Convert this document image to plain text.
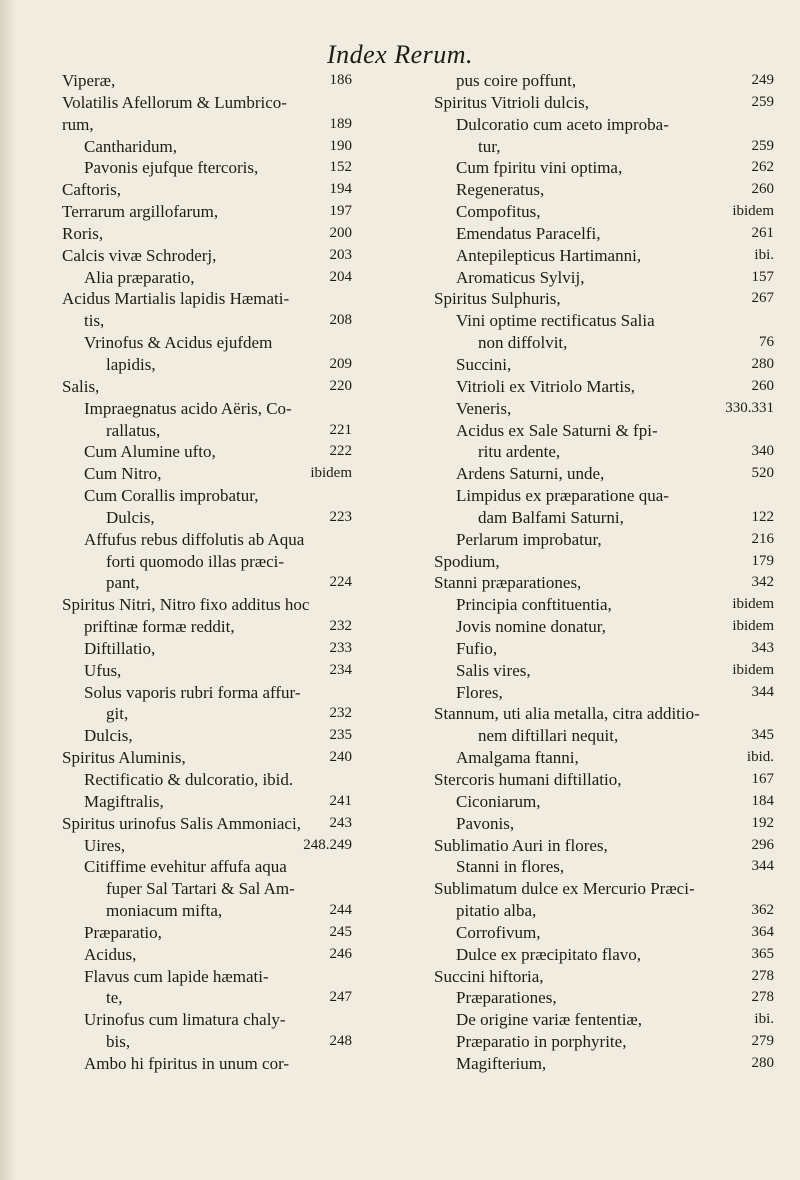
Index Rerum.
Viperæ,	186
Volatilis Afellorum & Lumbrico-
rum,	189
Cantharidum,	190
Pavonis ejufque ftercoris,	152
Caftoris,	194
Terrarum argillofarum,	197
Roris,	200
Calcis vivæ Schroderj,	203
Alia præparatio,	204
Acidus Martialis lapidis Hæmati-
tis,	208
Vrinofus & Acidus ejufdem
lapidis,	209
Salis,	220
Impraegnatus acido Aëris, Co-
rallatus,	221
Cum Alumine ufto,	222
Cum Nitro,	ibidem
Cum Corallis improbatur,
Dulcis,	223
Affufus rebus diffolutis ab Aqua
forti quomodo illas præci-
pant,	224
Spiritus Nitri, Nitro fixo additus hoc
priftinæ formæ reddit,	232
Diftillatio,	233
Ufus,	234
Solus vaporis rubri forma affur-
git,	232
Dulcis,	235
Spiritus Aluminis,	240
Rectificatio & dulcoratio, ibid.
Magiftralis,	241
Spiritus urinofus Salis Ammoniaci, 243
Uires,	248.249
Citiffime evehitur affufa aqua
fuper Sal Tartari & Sal Am-
moniacum mifta,	244
Præparatio,	245
Acidus,	246
Flavus cum lapide hæmati-
te,	247
Urinofus cum limatura chaly-
bis,	248
Ambo hi fpiritus in unum cor-
pus coire poffunt,	249
Spiritus Vitrioli dulcis,	259
Dulcoratio cum aceto improba-
tur,	259
Cum fpiritu vini optima,	262
Regeneratus,	260
Compofitus,	ibidem
Emendatus Paracelfi,	261
Antepilepticus Hartimanni,	ibi.
Aromaticus Sylvij,	157
Spiritus Sulphuris,	267
Vini optime rectificatus Salia
non diffolvit,	76
Succini,	280
Vitrioli ex Vitriolo Martis,	260
Veneris,	330.331
Acidus ex Sale Saturni & fpi-
ritu ardente,	340
Ardens Saturni, unde,	520
Limpidus ex præparatione qua-
dam Balfami Saturni,	122
Perlarum improbatur,	216
Spodium,	179
Stanni præparationes,	342
Principia conftituentia,	ibidem
Jovis nomine donatur,	ibidem
Fufio,	343
Salis vires,	ibidem
Flores,	344
Stannum, uti alia metalla, citra additio-
nem diftillari nequit,	345
Amalgama ftanni,	ibid.
Stercoris humani diftillatio,	167
Ciconiarum,	184
Pavonis,	192
Sublimatio Auri in flores,	296
Stanni in flores,	344
Sublimatum dulce ex Mercurio Præci-
pitatio alba,	362
Corrofivum,	364
Dulce ex præcipitato flavo,	365
Succini hiftoria,	278
Præparationes,	278
De origine variæ fententiæ,	ibi.
Præparatio in porphyrite,	279
Magifterium,	280
